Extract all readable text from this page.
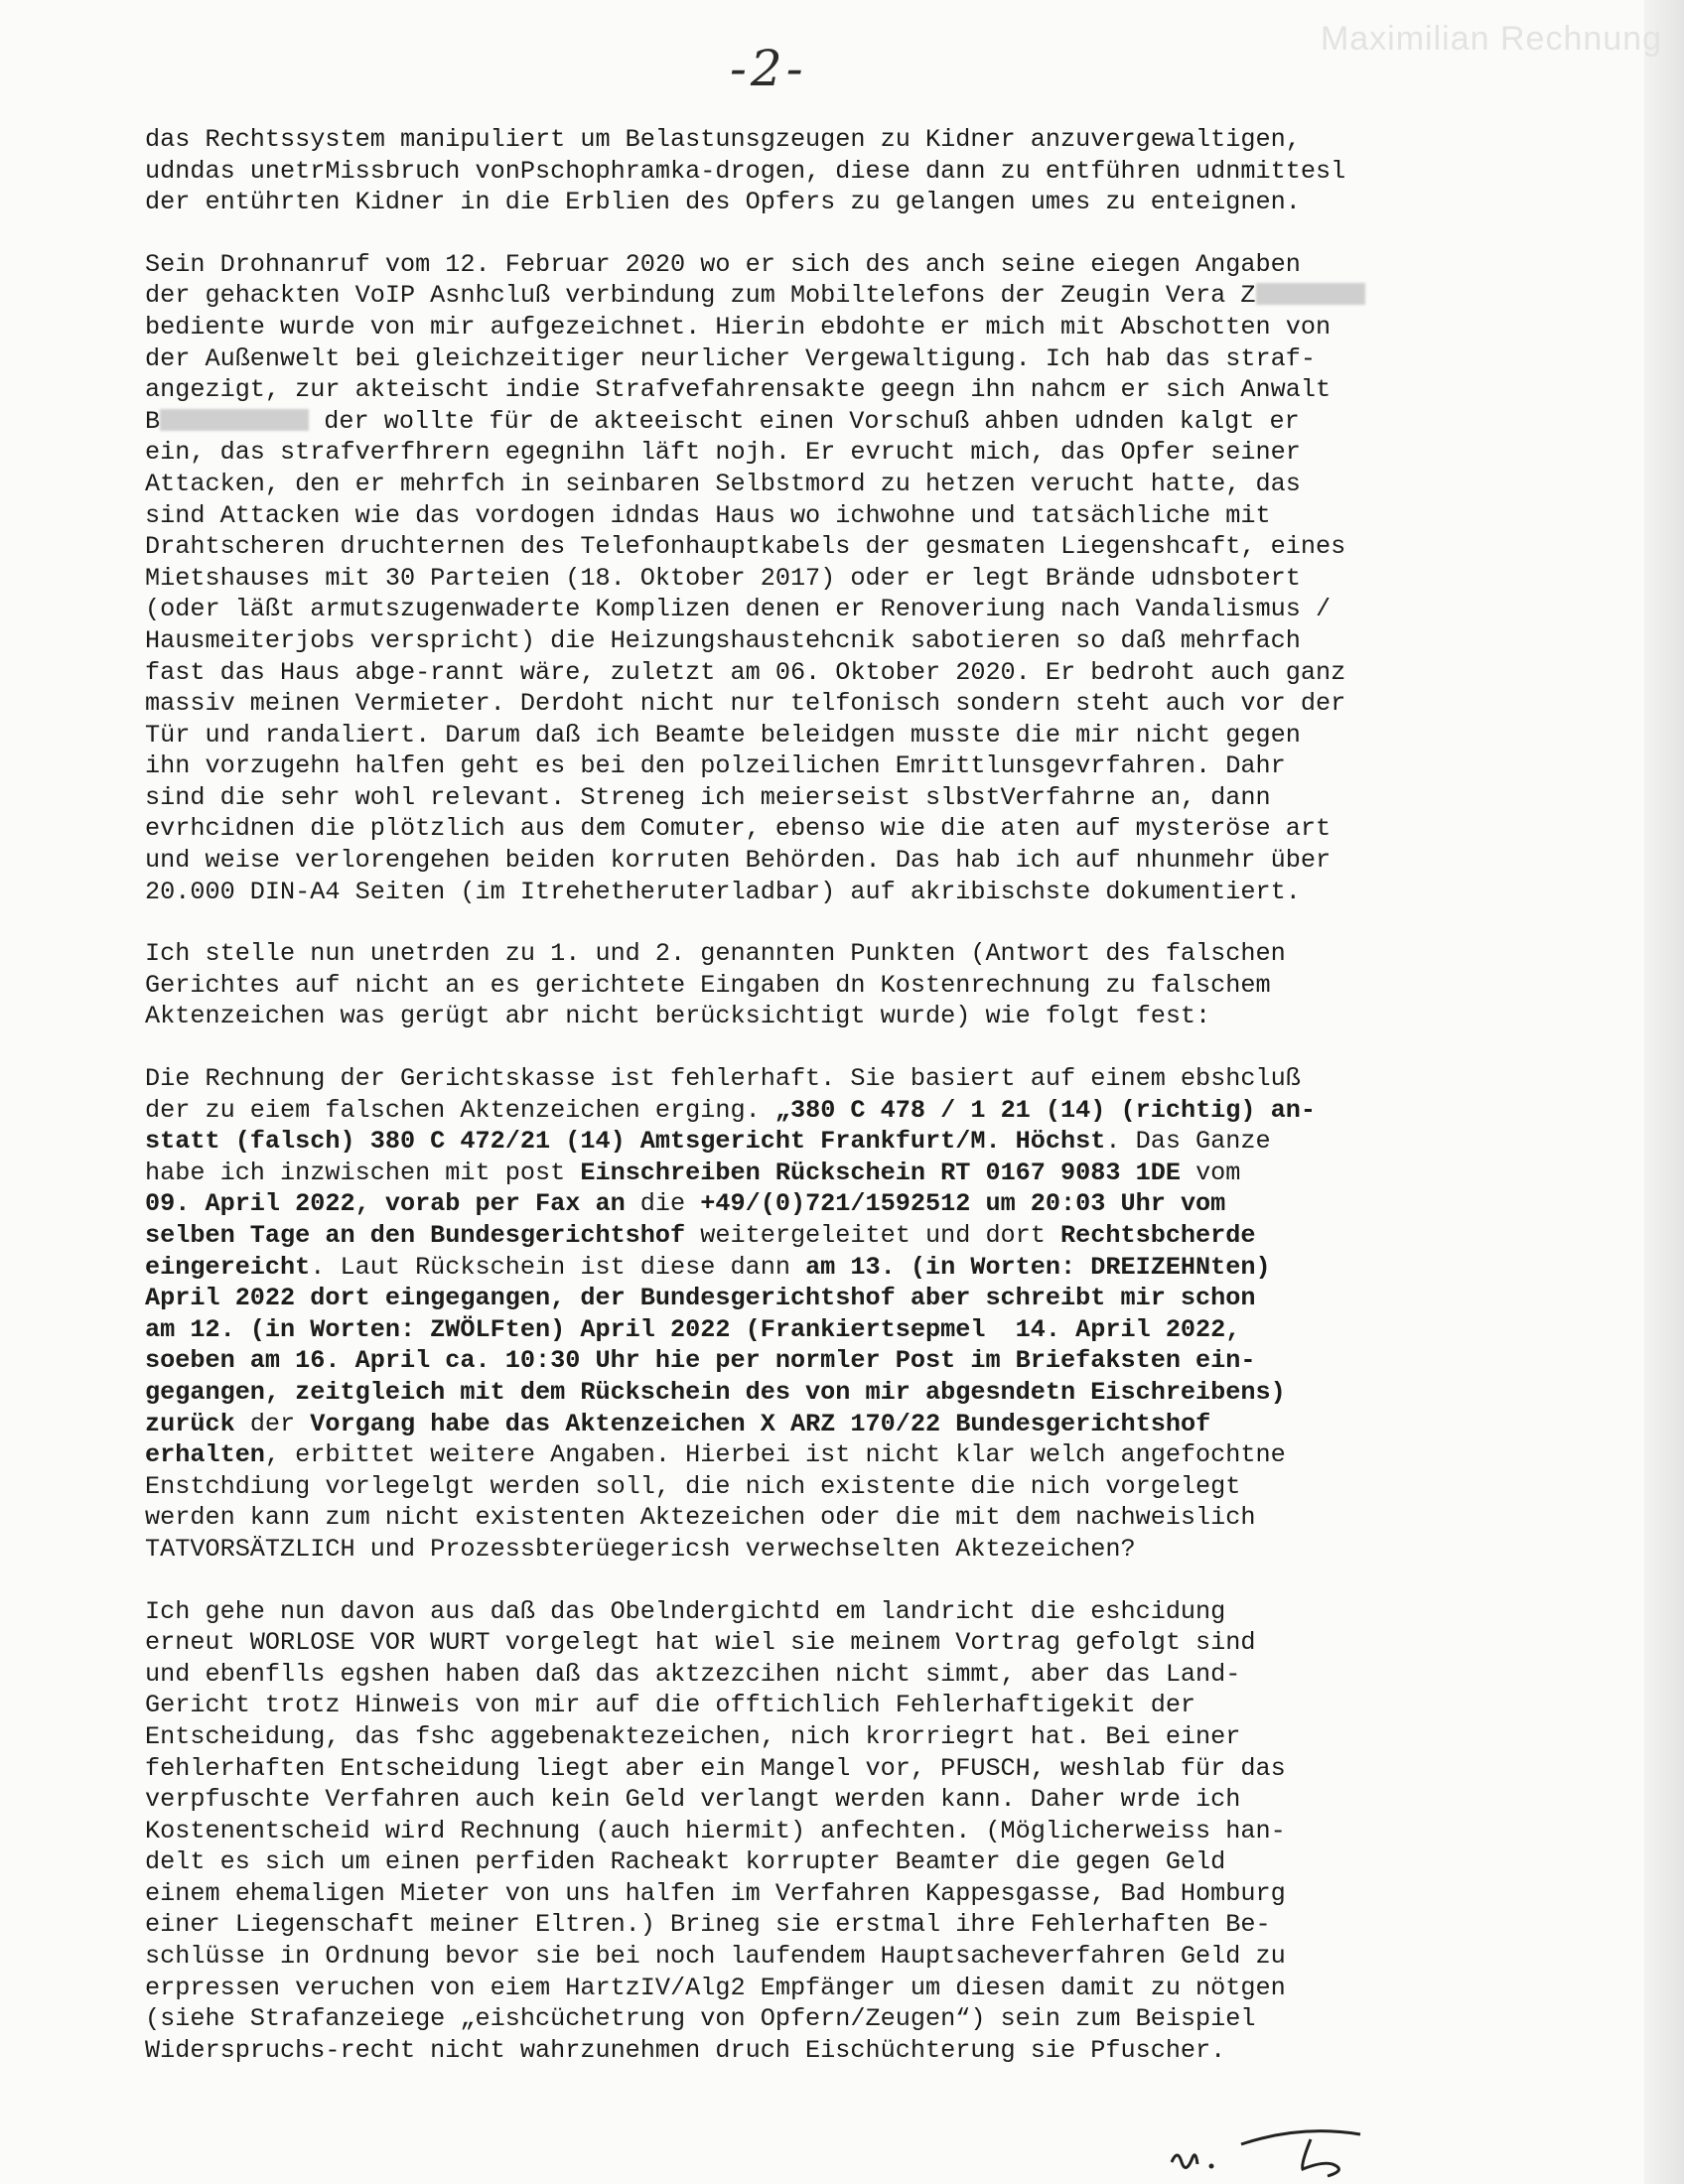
Maximilian Rechnung
-2-
das Rechtssystem manipuliert um Belastunsgzeugen zu Kidner anzuvergewaltigen,
udndas unetrMissbruch vonPschophramka-drogen, diese dann zu entführen udnmittesl
der entührten Kidner in die Erblien des Opfers zu gelangen umes zu enteignen.
Sein Drohnanruf vom 12. Februar 2020 wo er sich des anch seine eiegen Angaben
der gehackten VoIP Asnhcluß verbindung zum Mobiltelefons der Zeugin Vera Z
bediente wurde von mir aufgezeichnet. Hierin ebdohte er mich mit Abschotten von
der Außenwelt bei gleichzeitiger neurlicher Vergewaltigung. Ich hab das straf-
angezigt, zur akteischt indie Strafvefahrensakte geegn ihn nahcm er sich Anwalt
B	der wollte für de akteeischt einen Vorschuß ahben udnden kalgt er
ein, das strafverfhrern egegnihn läft nojh. Er evrucht mich, das Opfer seiner
Attacken, den er mehrfch in seinbaren Selbstmord zu hetzen verucht hatte, das
sind Attacken wie das vordogen idndas Haus wo ichwohne und tatsächliche mit
Drahtscheren druchternen des Telefonhauptkabels der gesmaten Liegenshcaft, eines
Mietshauses mit 30 Parteien (18. Oktober 2017) oder er legt Brände udnsbotert
(oder läßt armutszugenwaderte Komplizen denen er Renoveriung nach Vandalismus /
Hausmeiterjobs verspricht) die Heizungshaustehcnik sabotieren so daß mehrfach
fast das Haus abge-rannt wäre, zuletzt am 06. Oktober 2020. Er bedroht auch ganz
massiv meinen Vermieter. Derdoht nicht nur telfonisch sondern steht auch vor der
Tür und randaliert. Darum daß ich Beamte beleidgen musste die mir nicht gegen
ihn vorzugehn halfen geht es bei den polzeilichen Emrittlunsgevrfahren. Dahr
sind die sehr wohl relevant. Streneg ich meierseist slbstVerfahrne an, dann
evrhcidnen die plötzlich aus dem Comuter, ebenso wie die aten auf mysteröse art
und weise verlorengehen beiden korruten Behörden. Das hab ich auf nhunmehr über
20.000 DIN-A4 Seiten (im Itrehetheruterladbar) auf akribischste dokumentiert.
Ich stelle nun unetrden zu 1. und 2. genannten Punkten (Antwort des falschen
Gerichtes auf nicht an es gerichtete Eingaben dn Kostenrechnung zu falschem
Aktenzeichen was gerügt abr nicht berücksichtigt wurde) wie folgt fest:
Die Rechnung der Gerichtskasse ist fehlerhaft. Sie basiert auf einem ebshcluß
der zu eiem falschen Aktenzeichen erging. „380 C 478 / 1 21 (14) (richtig) an-
statt (falsch) 380 C 472/21 (14) Amtsgericht Frankfurt/M. Höchst. Das Ganze
habe ich inzwischen mit post Einschreiben Rückschein RT 0167 9083 1DE vom
09. April 2022, vorab per Fax an die +49/(0)721/1592512 um 20:03 Uhr vom
selben Tage an den Bundesgerichtshof weitergeleitet und dort Rechtsbcherde
eingereicht. Laut Rückschein ist diese dann am 13. (in Worten: DREIZEHNten)
April 2022 dort eingegangen, der Bundesgerichtshof aber schreibt mir schon
am 12. (in Worten: ZWÖLFten) April 2022 (Frankiertsepmel  14. April 2022,
soeben am 16. April ca. 10:30 Uhr hie per normler Post im Briefaksten ein-
gegangen, zeitgleich mit dem Rückschein des von mir abgesndetn Eischreibens)
zurück der Vorgang habe das Aktenzeichen X ARZ 170/22 Bundesgerichtshof
erhalten, erbittet weitere Angaben. Hierbei ist nicht klar welch angefochtne
Enstchdiung vorlegelgt werden soll, die nich existente die nich vorgelegt
werden kann zum nicht existenten Aktezeichen oder die mit dem nachweislich
TATVORSÄTZLICH und Prozessbterüegericsh verwechselten Aktezeichen?
Ich gehe nun davon aus daß das Obelndergichtd em landricht die eshcidung
erneut WORLOSE VOR WURT vorgelegt hat wiel sie meinem Vortrag gefolgt sind
und ebenflls egshen haben daß das aktzezcihen nicht simmt, aber das Land-
Gericht trotz Hinweis von mir auf die offtichlich Fehlerhaftigekit der
Entscheidung, das fshc aggebenaktezeichen, nich krorriegrt hat. Bei einer
fehlerhaften Entscheidung liegt aber ein Mangel vor, PFUSCH, weshlab für das
verpfuschte Verfahren auch kein Geld verlangt werden kann. Daher wrde ich
Kostenentscheid wird Rechnung (auch hiermit) anfechten. (Möglicherweiss han-
delt es sich um einen perfiden Racheakt korrupter Beamter die gegen Geld
einem ehemaligen Mieter von uns halfen im Verfahren Kappesgasse, Bad Homburg
einer Liegenschaft meiner Eltren.) Brineg sie erstmal ihre Fehlerhaften Be-
schlüsse in Ordnung bevor sie bei noch laufendem Hauptsacheverfahren Geld zu
erpressen veruchen von eiem HartzIV/Alg2 Empfänger um diesen damit zu nötgen
(siehe Strafanzeiege „eishcüchetrung von Opfern/Zeugen“) sein zum Beispiel
Widerspruchs-recht nicht wahrzunehmen druch Eischüchterung sie Pfuscher.
